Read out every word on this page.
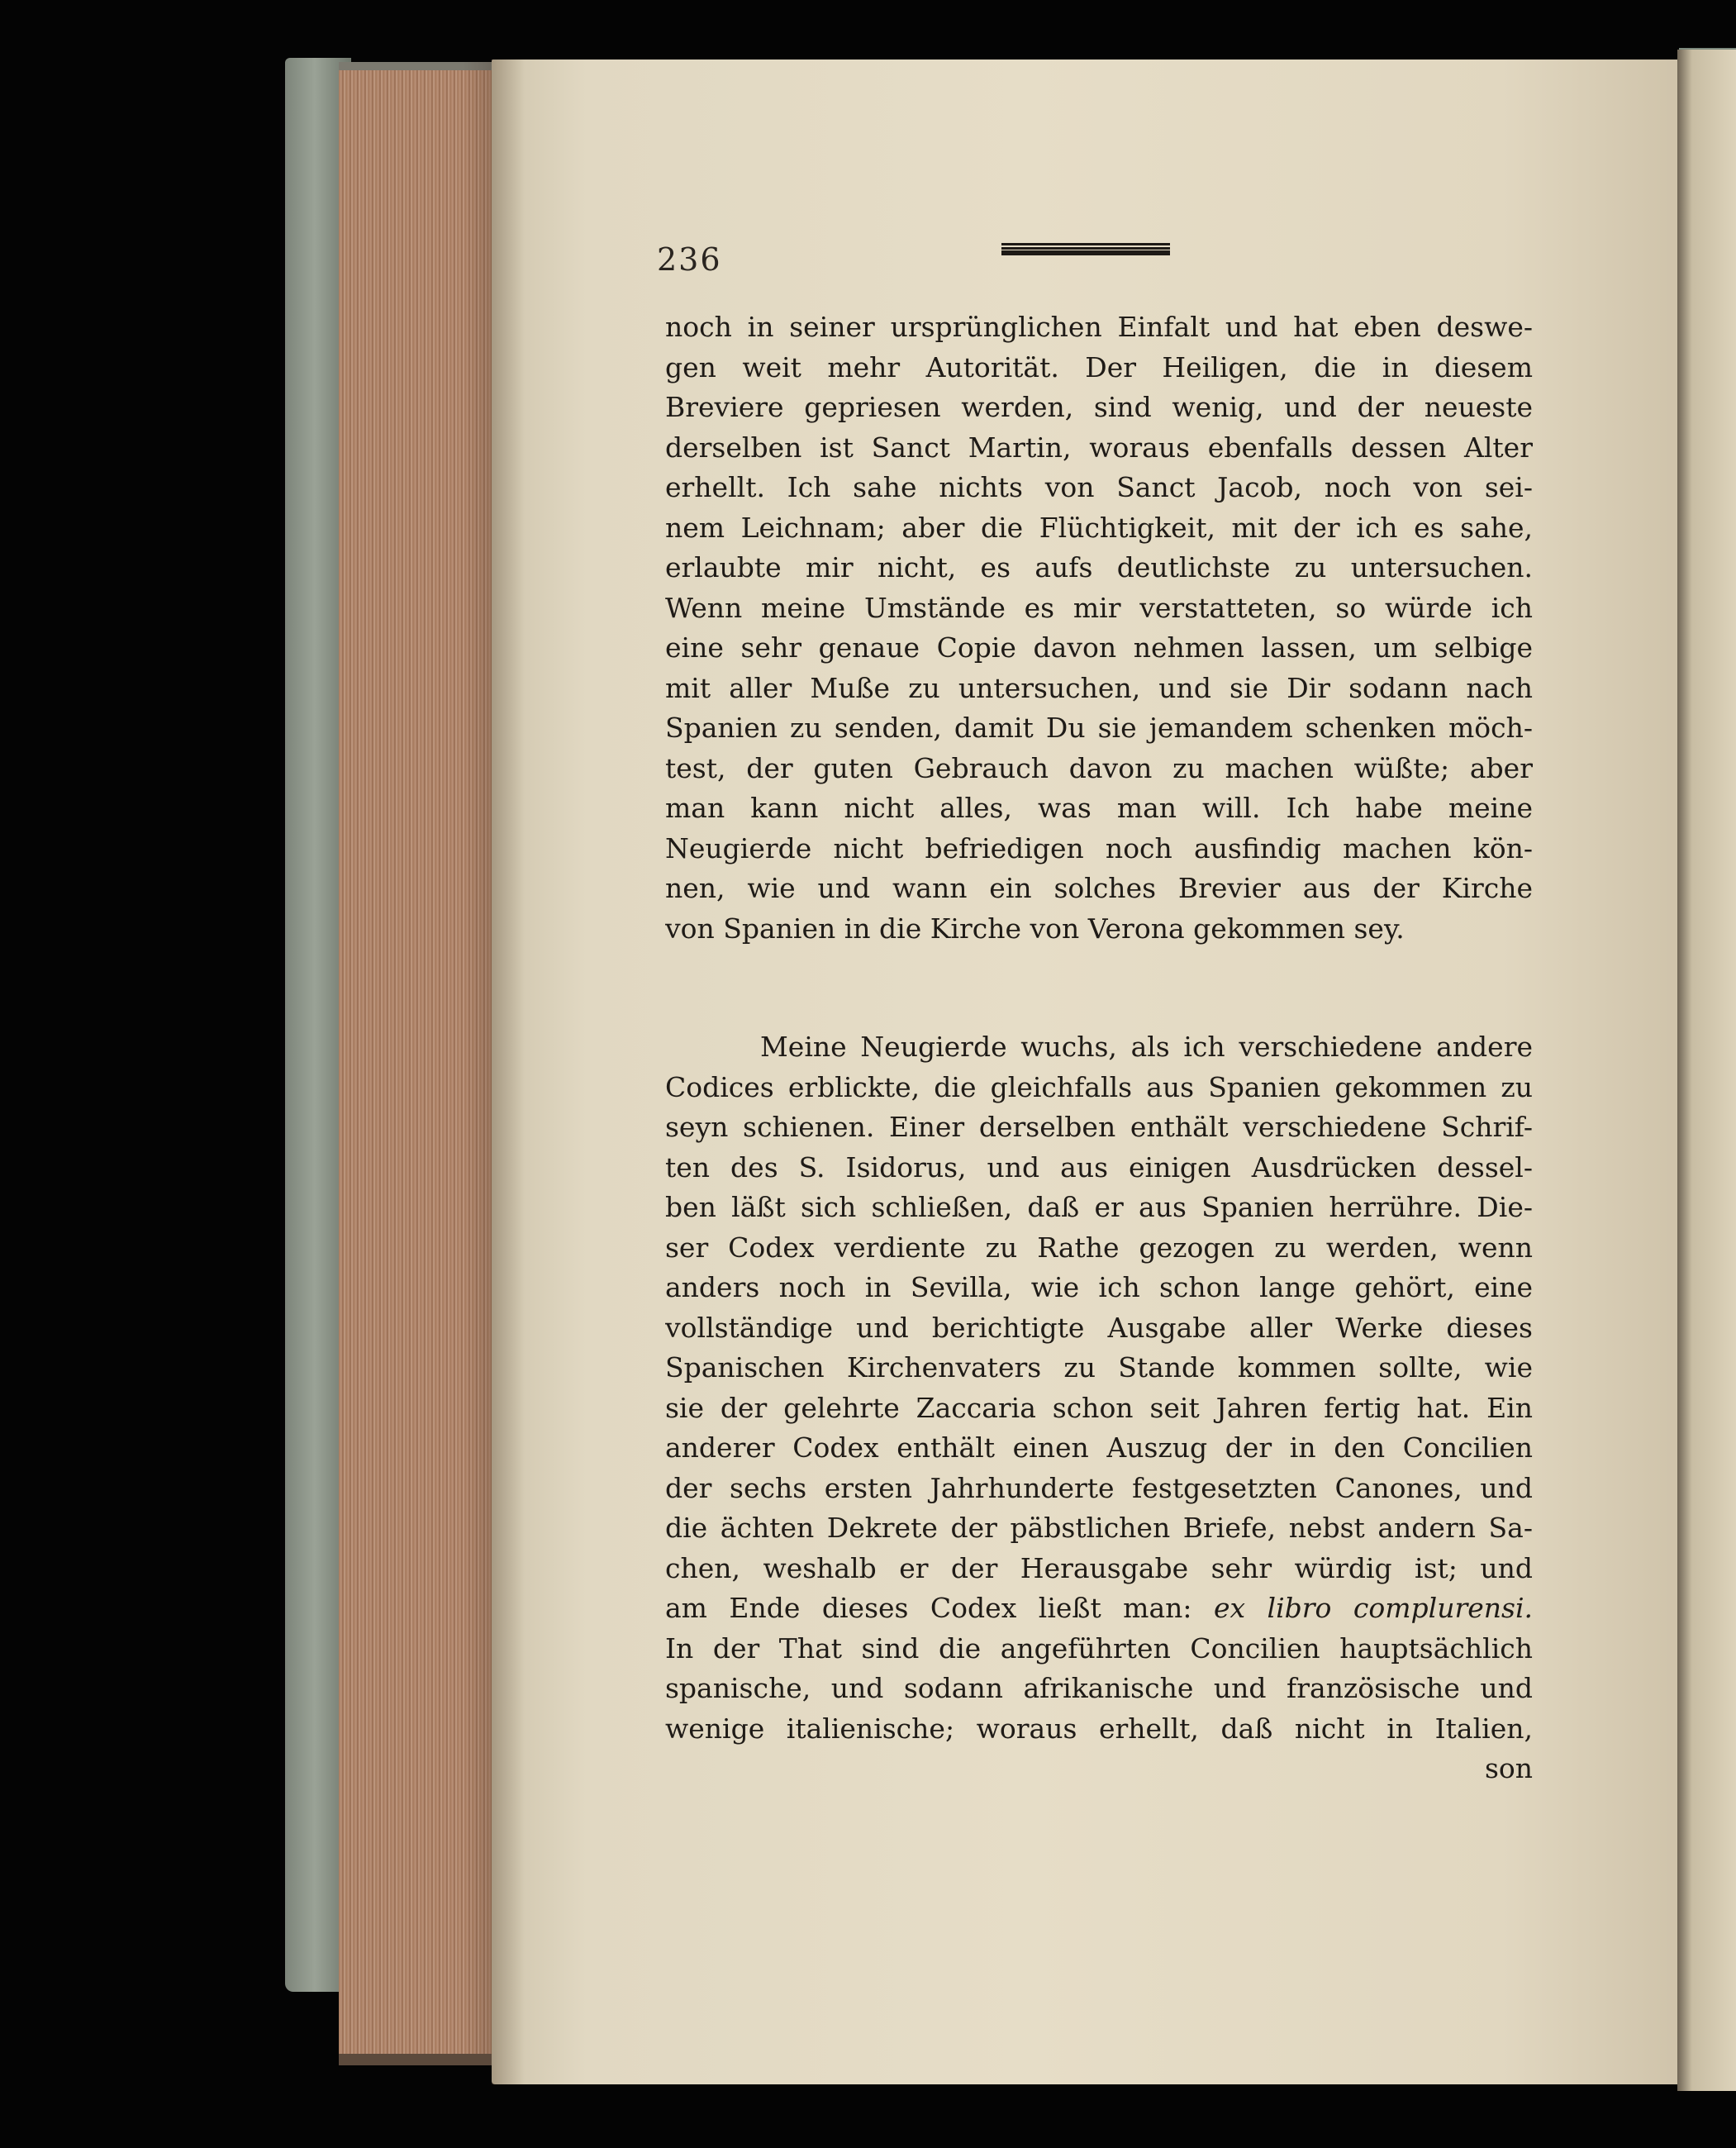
236
noch in seiner ursprünglichen Einfalt und hat eben deswe-
gen weit mehr Autorität. Der Heiligen, die in diesem
Breviere gepriesen werden, sind wenig, und der neueste
derselben ist Sanct Martin, woraus ebenfalls dessen Alter
erhellt. Ich sahe nichts von Sanct Jacob, noch von sei-
nem Leichnam; aber die Flüchtigkeit, mit der ich es sahe,
erlaubte mir nicht, es aufs deutlichste zu untersuchen.
Wenn meine Umstände es mir verstatteten, so würde ich
eine sehr genaue Copie davon nehmen lassen, um selbige
mit aller Muße zu untersuchen, und sie Dir sodann nach
Spanien zu senden, damit Du sie jemandem schenken möch-
test, der guten Gebrauch davon zu machen wüßte; aber
man kann nicht alles, was man will. Ich habe meine
Neugierde nicht befriedigen noch ausfindig machen kön-
nen, wie und wann ein solches Brevier aus der Kirche
von Spanien in die Kirche von Verona gekommen sey.
Meine Neugierde wuchs, als ich verschiedene andere
Codices erblickte, die gleichfalls aus Spanien gekommen zu
seyn schienen. Einer derselben enthält verschiedene Schrif-
ten des S. Isidorus, und aus einigen Ausdrücken dessel-
ben läßt sich schließen, daß er aus Spanien herrühre. Die-
ser Codex verdiente zu Rathe gezogen zu werden, wenn
anders noch in Sevilla, wie ich schon lange gehört, eine
vollständige und berichtigte Ausgabe aller Werke dieses
Spanischen Kirchenvaters zu Stande kommen sollte, wie
sie der gelehrte Zaccaria schon seit Jahren fertig hat. Ein
anderer Codex enthält einen Auszug der in den Concilien
der sechs ersten Jahrhunderte festgesetzten Canones, und
die ächten Dekrete der päbstlichen Briefe, nebst andern Sa-
chen, weshalb er der Herausgabe sehr würdig ist; und
am Ende dieses Codex ließt man: ex libro complurensi.
In der That sind die angeführten Concilien hauptsächlich
spanische, und sodann afrikanische und französische und
wenige italienische; woraus erhellt, daß nicht in Italien,
son
